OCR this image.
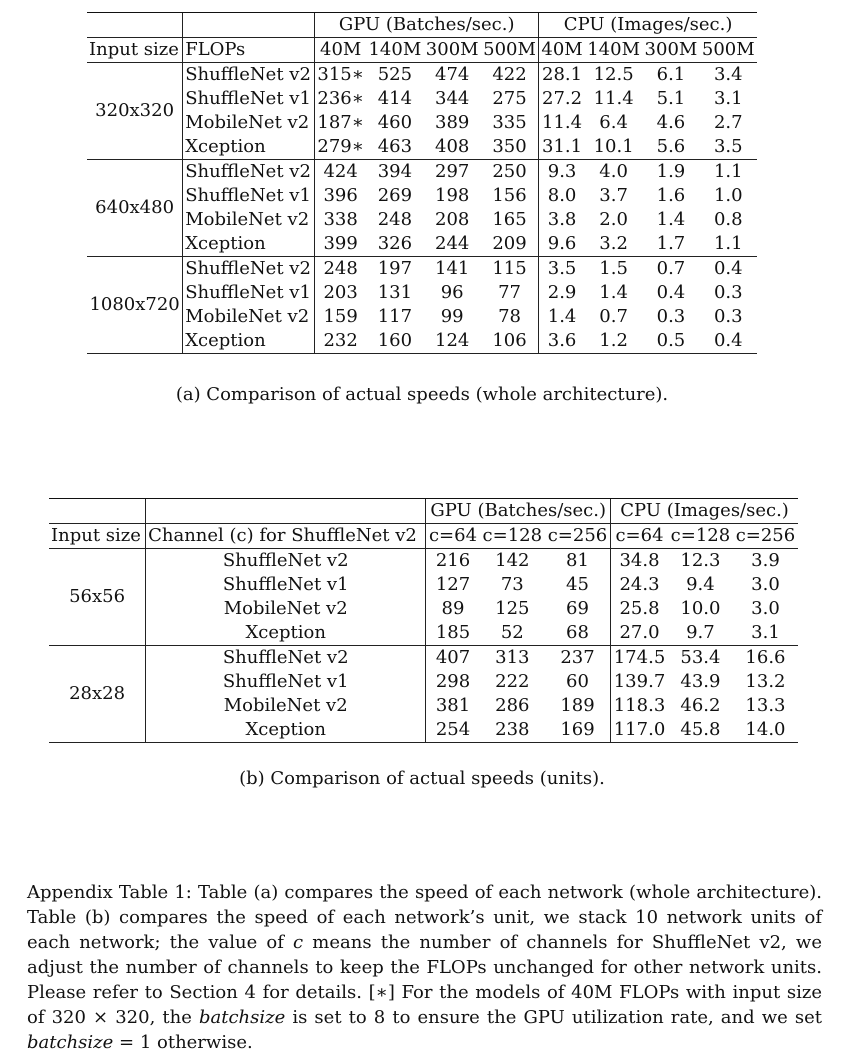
		GPU (Batches/sec.)				CPU (Images/sec.)			
Input size	FLOPs	40M	140M	300M	500M	40M	140M	300M	500M
320x320	ShuffleNet v2	315∗	525	474	422	28.1	12.5	6.1	3.4
	ShuffleNet v1	236∗	414	344	275	27.2	11.4	5.1	3.1
	MobileNet v2	187∗	460	389	335	11.4	6.4	4.6	2.7
	Xception	279∗	463	408	350	31.1	10.1	5.6	3.5
640x480	ShuffleNet v2	424	394	297	250	9.3	4.0	1.9	1.1
	ShuffleNet v1	396	269	198	156	8.0	3.7	1.6	1.0
	MobileNet v2	338	248	208	165	3.8	2.0	1.4	0.8
	Xception	399	326	244	209	9.6	3.2	1.7	1.1
1080x720	ShuffleNet v2	248	197	141	115	3.5	1.5	0.7	0.4
	ShuffleNet v1	203	131	96	77	2.9	1.4	0.4	0.3
	MobileNet v2	159	117	99	78	1.4	0.7	0.3	0.3
	Xception	232	160	124	106	3.6	1.2	0.5	0.4
(a) Comparison of actual speeds (whole architecture).
		GPU (Batches/sec.)			CPU (Images/sec.)		
Input size	Channel (c) for ShuffleNet v2	c=64	c=128	c=256	c=64	c=128	c=256
56x56	ShuffleNet v2	216	142	81	34.8	12.3	3.9
	ShuffleNet v1	127	73	45	24.3	9.4	3.0
	MobileNet v2	89	125	69	25.8	10.0	3.0
	Xception	185	52	68	27.0	9.7	3.1
28x28	ShuffleNet v2	407	313	237	174.5	53.4	16.6
	ShuffleNet v1	298	222	60	139.7	43.9	13.2
	MobileNet v2	381	286	189	118.3	46.2	13.3
	Xception	254	238	169	117.0	45.8	14.0
(b) Comparison of actual speeds (units).
Appendix Table 1: Table (a) compares the speed of each network (whole architecture). Table (b) compares the speed of each network’s unit, we stack 10 network units of each network; the value of c means the number of channels for ShuffleNet v2, we adjust the number of channels to keep the FLOPs unchanged for other network units. Please refer to Section 4 for details. [∗] For the models of 40M FLOPs with input size of 320 × 320, the batchsize is set to 8 to ensure the GPU utilization rate, and we set batchsize = 1 otherwise.
